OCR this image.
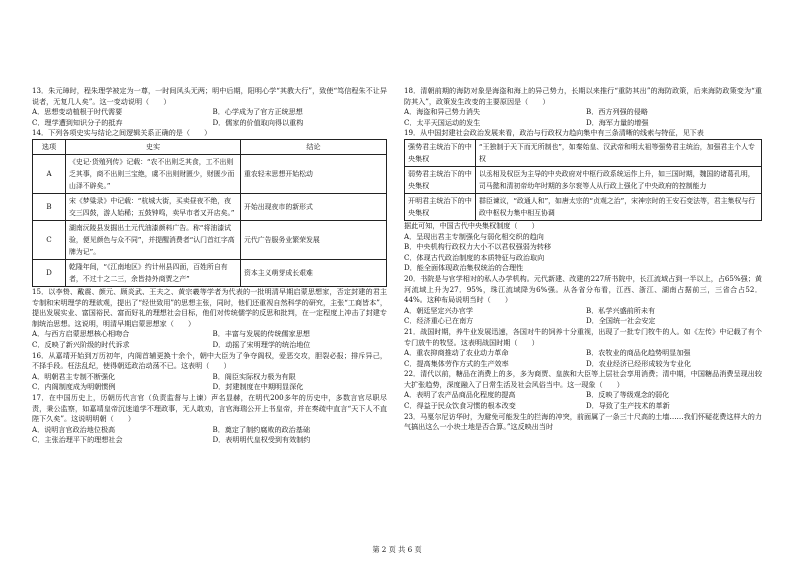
13．朱元璋时，程朱理学被定为一尊，一时间风头无两；明中后期，阳明心学“其教大行”，致使“笃信程朱不让异说者，无复几人矣”。这一变动说明（　　）
A．思想变动植根于时代需要	B．心学成为了官方正统思想
C．理学遭到知识分子的抵弃	D．儒家的价值取向得以重构
14．下列各项史实与结论之间逻辑关系正确的是（　　）
选项	史实	结论
A	《史记·货殖列传》记载：“农不出则乏其食，工不出则乏其事，商不出则三宝绝，虞不出则财匮少，财匮少而山泽不辟矣。”	重农轻末思想开始松动
B	宋《梦粱录》中记载：“杭城大街，买卖昼夜不绝，夜交三四鼓，游人始稀；五鼓钟鸣，卖早市者又开店矣。”	开始出现夜市的新形式
C	湖南沅陵县发掘出土元代油漆颜料广告。称“将油漆试验，便见颜色与众不同”，并提醒消费者“认门首红字高牌为记”。	元代广告服务业繁荣发展
D	乾隆年间，“《江南地区》约计州县四面，百姓所自有者，不过十之二三，余皆持外商贾之产”	资本主义萌芽成长艰难
15．以李贽、戴震、颜元、顾炎武、王夫之、黄宗羲等学者为代表的一批明清早期启蒙思想家，否定封建的君主专制和宋明理学的理欲观，提出了“经世致用”的思想主张，同时，他们还重视自然科学的研究，主张“工商皆本”，提出发展实业、富国裕民、富而好礼的理想社会目标，他们对传统儒学的反思和批判，在一定程度上冲击了封建专制统治思想。这说明，明清早期启蒙思想家（　　）
A．与西方启蒙思想核心相吻合	B．丰富与发展的传统儒家思想
C．反映了新兴阶级的时代诉求	D．动摇了宋明理学的统治地位
16．从嘉靖开始到万历初年，内阁首辅更换十余个，朝中大臣为了争夺阁权，爱恶交攻，胆裂必报；排斥异己，不择手段。枉法乱纪，使得朝廷政治动荡不已。这表明（　　）
A．明朝君主专制不断强化	B．阁臣实际权力极为有限
C．内阁制度成为明朝惯例	D．封建制度在中期明显深化
17．在中国历史上，历朝历代言官（负责监督与上谏）声名显赫，在明代200多年的历史中，多数言官尽职尽责，秉公监察，如嘉靖皇帝沉迷道学不理政事，无人敢劝，言官海瑞公开上书皇帝，并在奏疏中直言“天下人不直陛下久矣”。这说明明朝（　　）
A．说明言官政治地位极高	B．奠定了制约腐败的政治基础
C．主张治理平下的理想社会	D．表明明代皇权受到有效制约
18．清朝前期的海防对象是海盗和海上的异己势力，长期以来推行“重防其出”的海防政策，后来海防政策变为“重防其入”，政策发生改变的主要原因是（　　）
A．海盗和异己势力消失	B．西方列强的侵略
C．太平天国运动的发生	D．海军力量的增强
19．从中国封建社会政治发展来看，政治与行政权力趋向集中有三条清晰的线索与特征，见下表
强势君主统治下的中央集权	“王独制于天下而无所制也”，如秦始皇、汉武帝和明太祖等强势君主统治，加强君主个人专权
弱势君主统治下的中央集权	以丞相及权臣为主导的中央政府对中枢行政系统运作上升，如三国时期，魏国的诸葛孔明，司马懿和清初帝幼年时期的多尔衮等人从行政上强化了中央政府的控制能力
开明君主统治下的中央集权	群臣谏议，“政通人和”，如唐太宗的“贞观之治”，宋神宗时的王安石变法等，君主集权与行政中枢权力集中相互协调
据此可知，中国古代中央集权制度（　　）
A．呈现出君主专制强化与弱化相交织的趋向
B．中央机构行政权力大小不以君权强弱为转移
C．体现古代政治制度的本质特征与政治取向
D．能全面体现政治集权统治的合理性
20．书院是与官学相对的私人办学机构。元代新建、改建的227所书院中，长江流域占到一半以上，占65%强；黄河流域上升为27．95%，珠江流域降为6%强。从各省分布看，江西、浙江、湖南占据前三，三省合占52．44%。这种布局说明当时（　　）
A．朝廷坚定兴办官学	B．私学兴盛前所未有
C．经济重心已在南方	D．全国统一社会安定
21．战国时期，养牛业发展迅速，各国对牛的饲养十分重视，出现了一批专门牧牛的人。如《左传》中记载了有个专门放牛的牧竖。这表明战国时期（　　）
A．重农抑商推动了农业动力革命	B．农牧业的商品化趋势明显加强
C．提高集体劳作方式的生产效率	D．农业经济已经形成较为专业化
22．清代以前，糖品在消费上的多，多为商贾、皇族和大臣等上层社会享用消费；清中期，中国糖品消费呈现出较大扩张趋势，深度融入了日常生活及社会风俗当中。这一现象（　　）
A．表明了农产品商品化程度的提高	B．反映了等级观念的弱化
C．得益于民众饮食习惯的根本改变	D．导致了生产技术的革新
23．马戛尔尼访华时，为避免可能发生的拦海的冲突，前面属了一条三十尺高的土墙……我们怀疑花费这样大的力气搞出这么一小块土地是否合算。”这反映出当时
第 2 页 共 6 页
